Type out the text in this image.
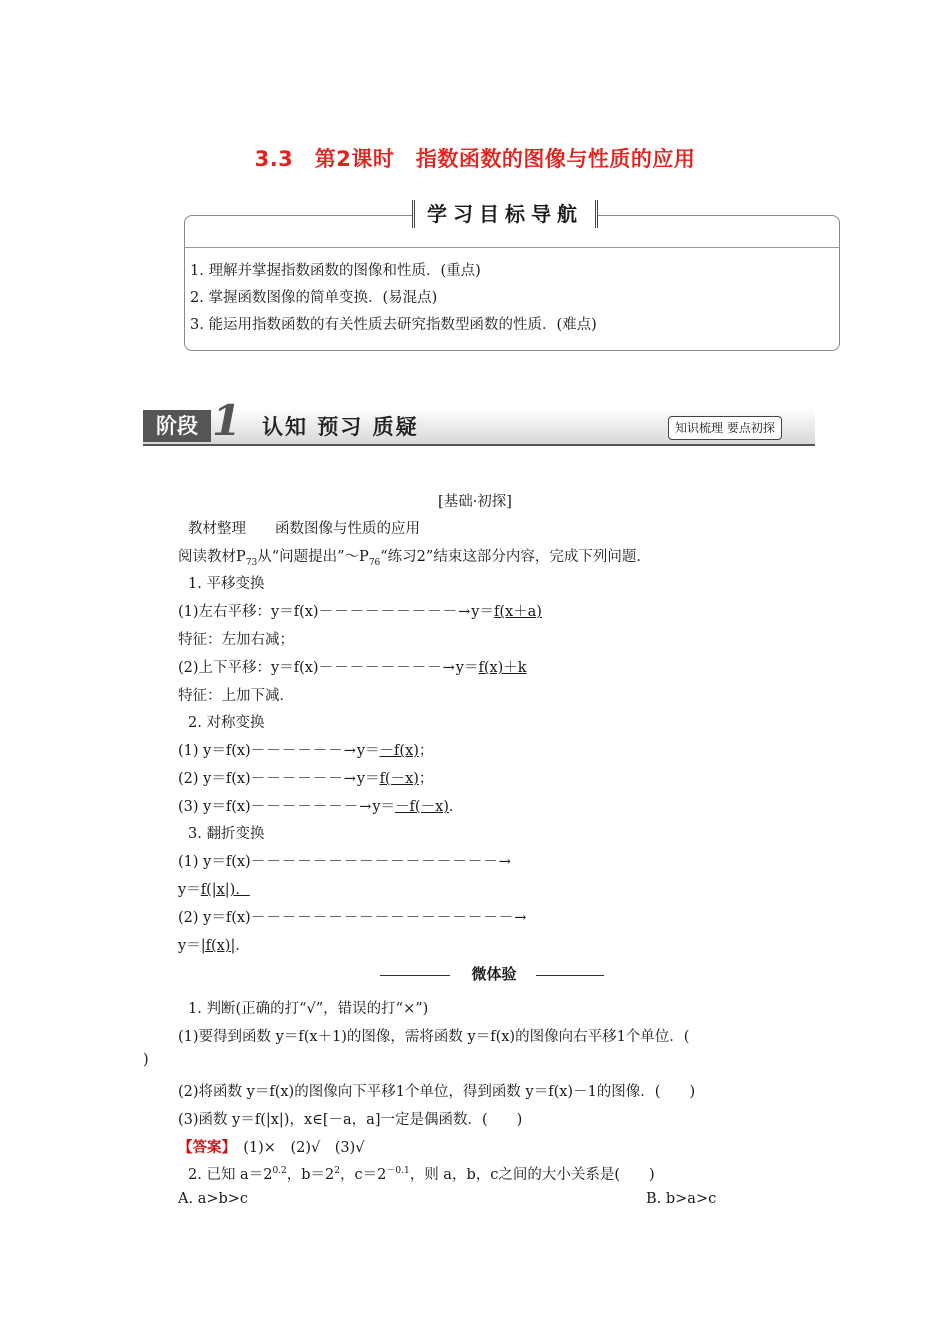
3.3　第2课时　指数函数的图像与性质的应用
学习目标导航
1. 理解并掌握指数函数的图像和性质．(重点)
2. 掌握函数图像的简单变换．(易混点)
3. 能运用指数函数的有关性质去研究指数型函数的性质．(难点)
阶段 1 认知 预习 质疑	知识梳理 要点初探
[基础·初探]
教材整理　　函数图像与性质的应用
阅读教材$P_{73}$从“问题提出$”\sim P_{76}“$练习2”结束这部分内容，完成下列问题．
1. 平移变换
(1)左右平移：y＝f(x)－－－－－－－－－→y＝f(x＋a)
特征：左加右减；
(2)上下平移：y＝f(x)－－－－－－－－→y＝f(x)＋k
特征：上加下减．
2. 对称变换
(1) y＝f(x)－－－－－－→y＝－f(x)；
(2) y＝f(x)－－－－－－→y＝f(－x)；
(3) y＝f(x)－－－－－－－→y＝－f(－x)．
3. 翻折变换
(1) y＝f(x)－－－－－－－－－－－－－－－－→
y＝f(|x|)．
(2) y＝f(x)－－－－－－－－－－－－－－－－－→
y＝|f(x)|．
微体验
1. 判断(正确的打“√”，错误的打“×”)
(1)要得到函数 y＝f(x＋1)的图像，需将函数 y＝f(x)的图像向右平移1个单位．(
)
(2)将函数 y＝f(x)的图像向下平移1个单位，得到函数 y＝f(x)－1的图像．(　　)
(3)函数 y＝f(|x|)，x∈[－a，a]一定是偶函数．(　　)
【答案】　 (1)×　(2)√　(3)√
2. 已知 $a=2^{0.2}$，$b=2^2$，$c=2^{-0.1}$，则 a，b，c之间的大小关系是(　　)
A. a>b>c	B. b>a>c
